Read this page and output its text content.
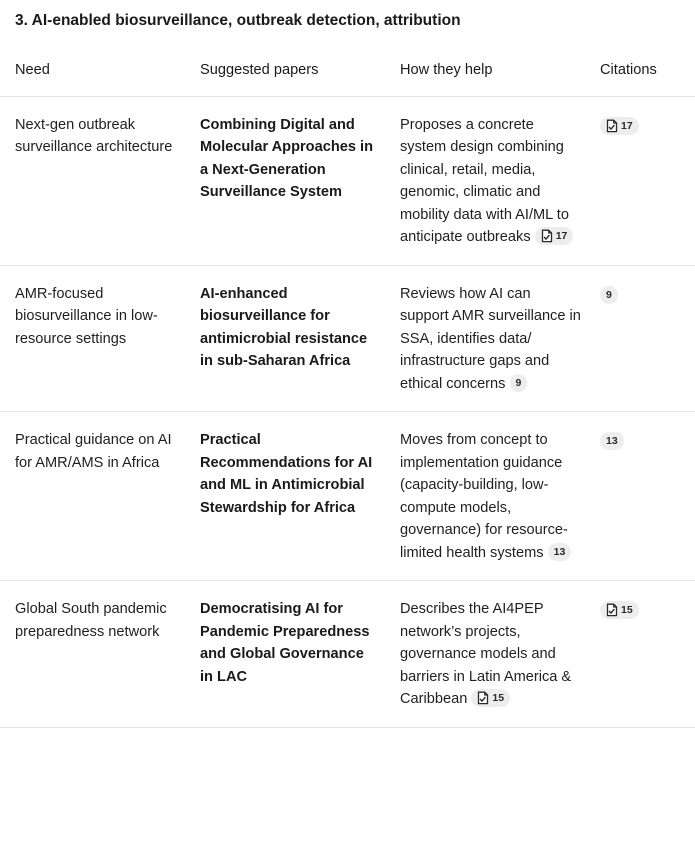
3. AI-enabled biosurveillance, outbreak detection, attribution
Need	Suggested papers	How they help	Citations
Next-gen outbreak surveillance architecture	Combining Digital and Molecular Approaches in a Next-Generation Surveillance System	Proposes a concrete system design combining clinical, retail, media, genomic, climatic and mobility data with AI/ML to anticipate outbreaks 17	17

AMR-focused biosurveillance in low-resource settings	AI-enhanced biosurveillance for antimicrobial resistance in sub-Saharan Africa	Reviews how AI can support AMR surveillance in SSA, identifies data/ infrastructure gaps and ethical concerns 9	9

Practical guidance on AI for AMR/AMS in Africa	Practical Recommendations for AI and ML in Antimicrobial Stewardship for Africa	Moves from concept to implementation guidance (capacity-building, low-compute models, governance) for resource-limited health systems 13	13

Global South pandemic preparedness network	Democratising AI for Pandemic Preparedness and Global Governance in LAC	Describes the AI4PEP network’s projects, governance models and barriers in Latin America & Caribbean 15	15
